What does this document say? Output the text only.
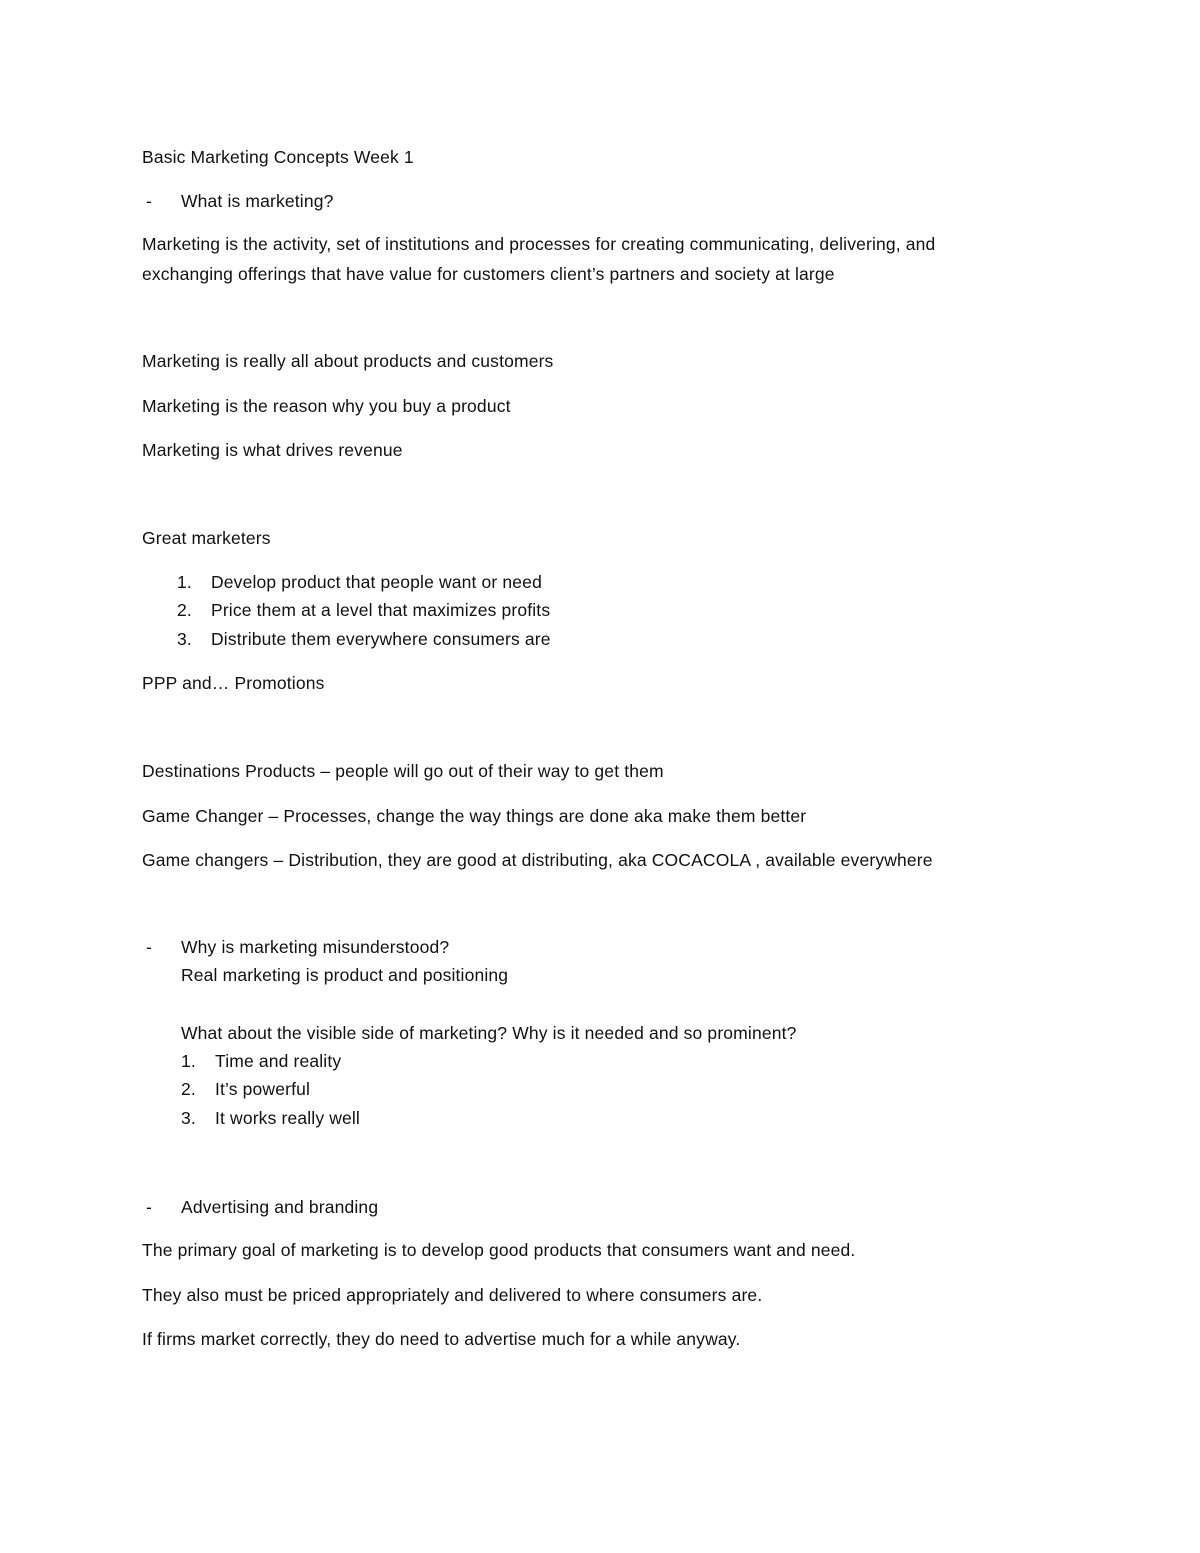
Basic Marketing Concepts Week 1
- What is marketing?
Marketing is the activity, set of institutions and processes for creating communicating, delivering, and
exchanging offerings that have value for customers client’s partners and society at large
Marketing is really all about products and customers
Marketing is the reason why you buy a product
Marketing is what drives revenue
Great marketers
1. Develop product that people want or need
2. Price them at a level that maximizes profits
3. Distribute them everywhere consumers are
PPP and… Promotions
Destinations Products – people will go out of their way to get them
Game Changer – Processes, change the way things are done aka make them better
Game changers – Distribution, they are good at distributing, aka COCACOLA , available everywhere
- Why is marketing misunderstood?
Real marketing is product and positioning
What about the visible side of marketing? Why is it needed and so prominent?
1. Time and reality
2. It’s powerful
3. It works really well
- Advertising and branding
The primary goal of marketing is to develop good products that consumers want and need.
They also must be priced appropriately and delivered to where consumers are.
If firms market correctly, they do need to advertise much for a while anyway.
